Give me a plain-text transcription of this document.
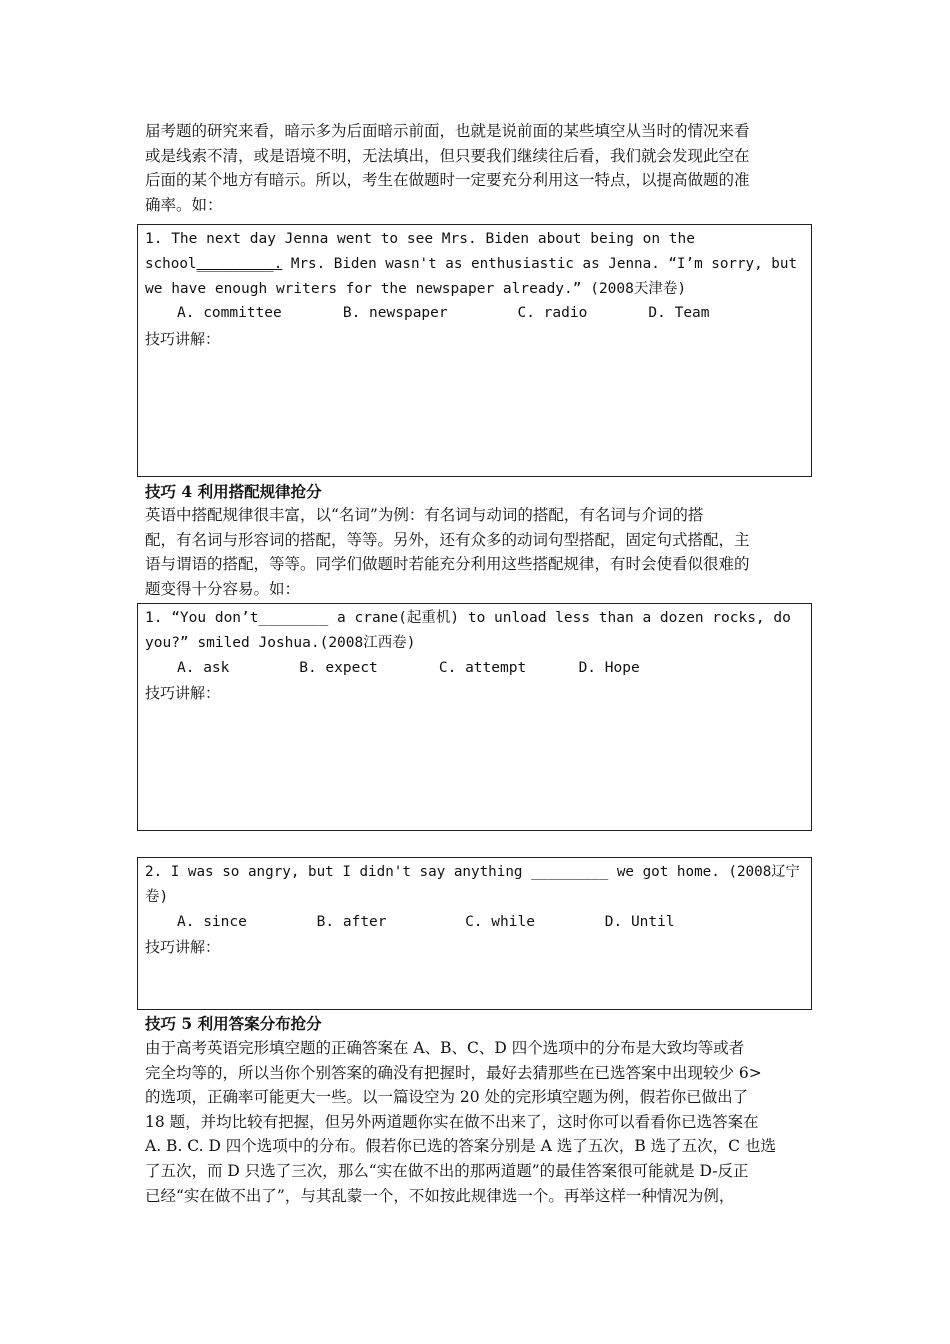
届考题的研究来看，暗示多为后面暗示前面，也就是说前面的某些填空从当时的情况来看
或是线索不清，或是语境不明，无法填出，但只要我们继续往后看，我们就会发现此空在
后面的某个地方有暗示。所以，考生在做题时一定要充分利用这一特点，以提高做题的准
确率。如：
1. The next day Jenna went to see Mrs. Biden about being on the
school_________. Mrs. Biden wasn't as enthusiastic as Jenna. “I’m sorry, but
we have enough writers for the newspaper already.” (2008天津卷)
A. committee       B. newspaper        C. radio       D. Team
技巧讲解：
技巧 4 利用搭配规律抢分
英语中搭配规律很丰富，以“名词”为例：有名词与动词的搭配，有名词与介词的搭
配，有名词与形容词的搭配，等等。另外，还有众多的动词句型搭配，固定句式搭配，主
语与谓语的搭配，等等。同学们做题时若能充分利用这些搭配规律，有时会使看似很难的
题变得十分容易。如：
1. “You don’t________ a crane(起重机) to unload less than a dozen rocks, do
you?” smiled Joshua.(2008江西卷)
A. ask        B. expect       C. attempt      D. Hope
技巧讲解：
2. I was so angry, but I didn't say anything _________ we got home. (2008辽宁
卷)
A. since        B. after         C. while        D. Until
技巧讲解：
技巧 5 利用答案分布抢分
由于高考英语完形填空题的正确答案在 A、B、C、D 四个选项中的分布是大致均等或者
完全均等的，所以当你个别答案的确没有把握时，最好去猜那些在已选答案中出现较少 6>
的选项，正确率可能更大一些。以一篇设空为 20 处的完形填空题为例，假若你已做出了
18 题，并均比较有把握，但另外两道题你实在做不出来了，这时你可以看看你已选答案在
A. B. C. D 四个选项中的分布。假若你已选的答案分别是 A 选了五次，B 选了五次，C 也选
了五次，而 D 只选了三次，那么“实在做不出的那两道题”的最佳答案很可能就是 D-反正
已经“实在做不出了”，与其乱蒙一个，不如按此规律选一个。再举这样一种情况为例，
